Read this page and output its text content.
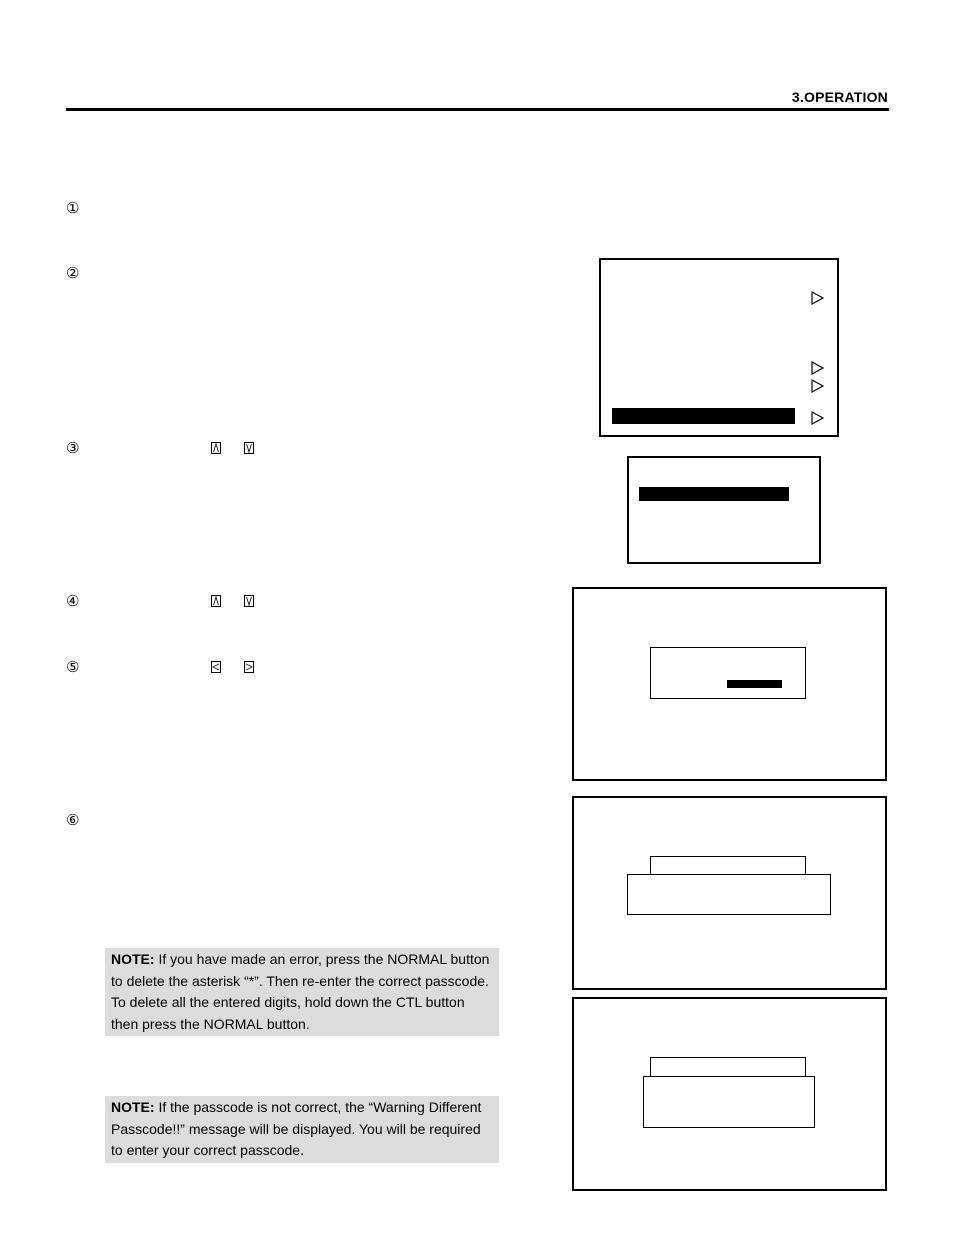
3.OPERATION
①
②
③
④
⑤
⑥
NOTE: If you have made an error, press the NORMAL button
to delete the asterisk “*”. Then re-enter the correct passcode.
To delete all the entered digits, hold down the CTL button
then press the NORMAL button.
NOTE: If the passcode is not correct, the “Warning Different
Passcode!!” message will be displayed. You will be required
to enter your correct passcode.
